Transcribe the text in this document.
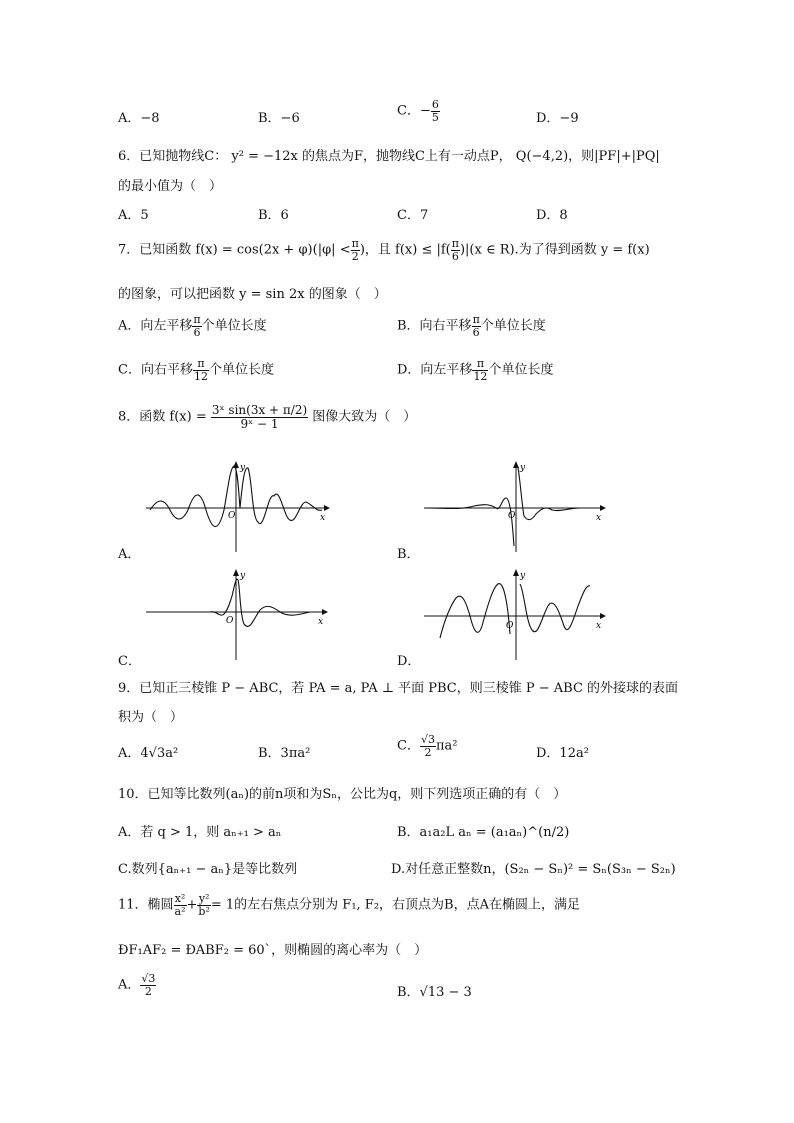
A．−8	B．−6	C．− $\frac{6}{5}$	D．−9
6．已知抛物线C： y² = −12x 的焦点为F，抛物线C上有一动点P， Q(−4,2)，则|PF|+|PQ|
的最小值为（　）
A．5	B．6	C．7	D．8
7．已知函数 $f(x) = \cos(2x + \varphi)(|\varphi| < \frac{\pi}{2}$ )，且 $f(x) \le |f( \frac{\pi}{6} )|(x$ ∈ R).为了得到函数 y = f(x)
的图象，可以把函数 y = sin 2x 的图象（　）
A．向左平移 $\frac{\pi}{6}$ 个单位长度	B．向右平移 $\frac{\pi}{6}$ 个单位长度
C．向右平移 $\frac{\pi}{12}$ 个单位长度	D．向左平移 $\frac{\pi}{12}$ 个单位长度
8．函数 $f(x) = \frac{\text{3ˣ sin(3x + π/2)}}{\text{9ˣ − 1}}$ 图像大致为（　）
O
y
x
A．
O
y
x
B．
O
y
x
C．
O
y
x
D．
9．已知正三棱锥 P − ABC，若 PA = a, PA ⊥ 平面 PBC，则三棱锥 P − ABC 的外接球的表面
积为（　）
A．4√3a²	B．3πa²	C． $\frac{√3}{2} \pi a^2$	D．12a²
10．已知等比数列(aₙ)的前n项和为Sₙ，公比为q，则下列选项正确的有（　）
A．若 q > 1，则 aₙ₊₁ > aₙ	B．a₁a₂L aₙ = (a₁aₙ)^(n/2)
C.数列{aₙ₊₁ − aₙ}是等比数列	D.对任意正整数n，(S₂ₙ − Sₙ)² = Sₙ(S₃ₙ − S₂ₙ)
11．椭圆 $\frac{\text{x²}}{\text{a²}} + \frac{\text{y²}}{\text{b²}} = 1$的左右焦点分别为 F₁, F₂，右顶点为B，点A在椭圆上，满足
ÐF₁AF₂ = ÐABF₂ = 60`，则椭圆的离心率为（　）
A． $\frac{√3}{2}$	B．√13 − 3
